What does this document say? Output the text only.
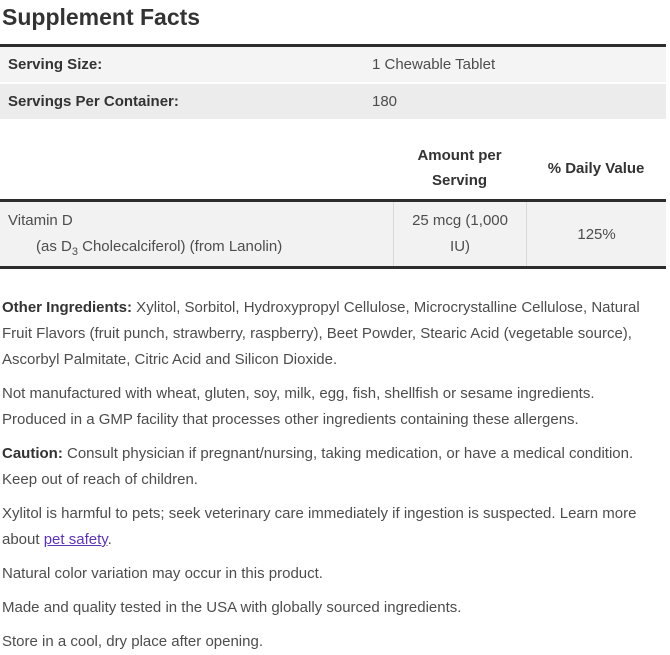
Supplement Facts
Serving Size:	1 Chewable Tablet
Servings Per Container:	180
Amount per Serving
% Daily Value
Vitamin D
(as $D_3$ Cholecalciferol) (from Lanolin)
25 mcg (1,000 IU)
125%

Other Ingredients: Xylitol, Sorbitol, Hydroxypropyl Cellulose, Microcrystalline Cellulose, Natural Fruit Flavors (fruit punch, strawberry, raspberry), Beet Powder, Stearic Acid (vegetable source), Ascorbyl Palmitate, Citric Acid and Silicon Dioxide.

Not manufactured with wheat, gluten, soy, milk, egg, fish, shellfish or sesame ingredients. Produced in a GMP facility that processes other ingredients containing these allergens.

Caution: Consult physician if pregnant/nursing, taking medication, or have a medical condition. Keep out of reach of children.

Xylitol is harmful to pets; seek veterinary care immediately if ingestion is suspected. Learn more about pet safety.

Natural color variation may occur in this product.

Made and quality tested in the USA with globally sourced ingredients.

Store in a cool, dry place after opening.
